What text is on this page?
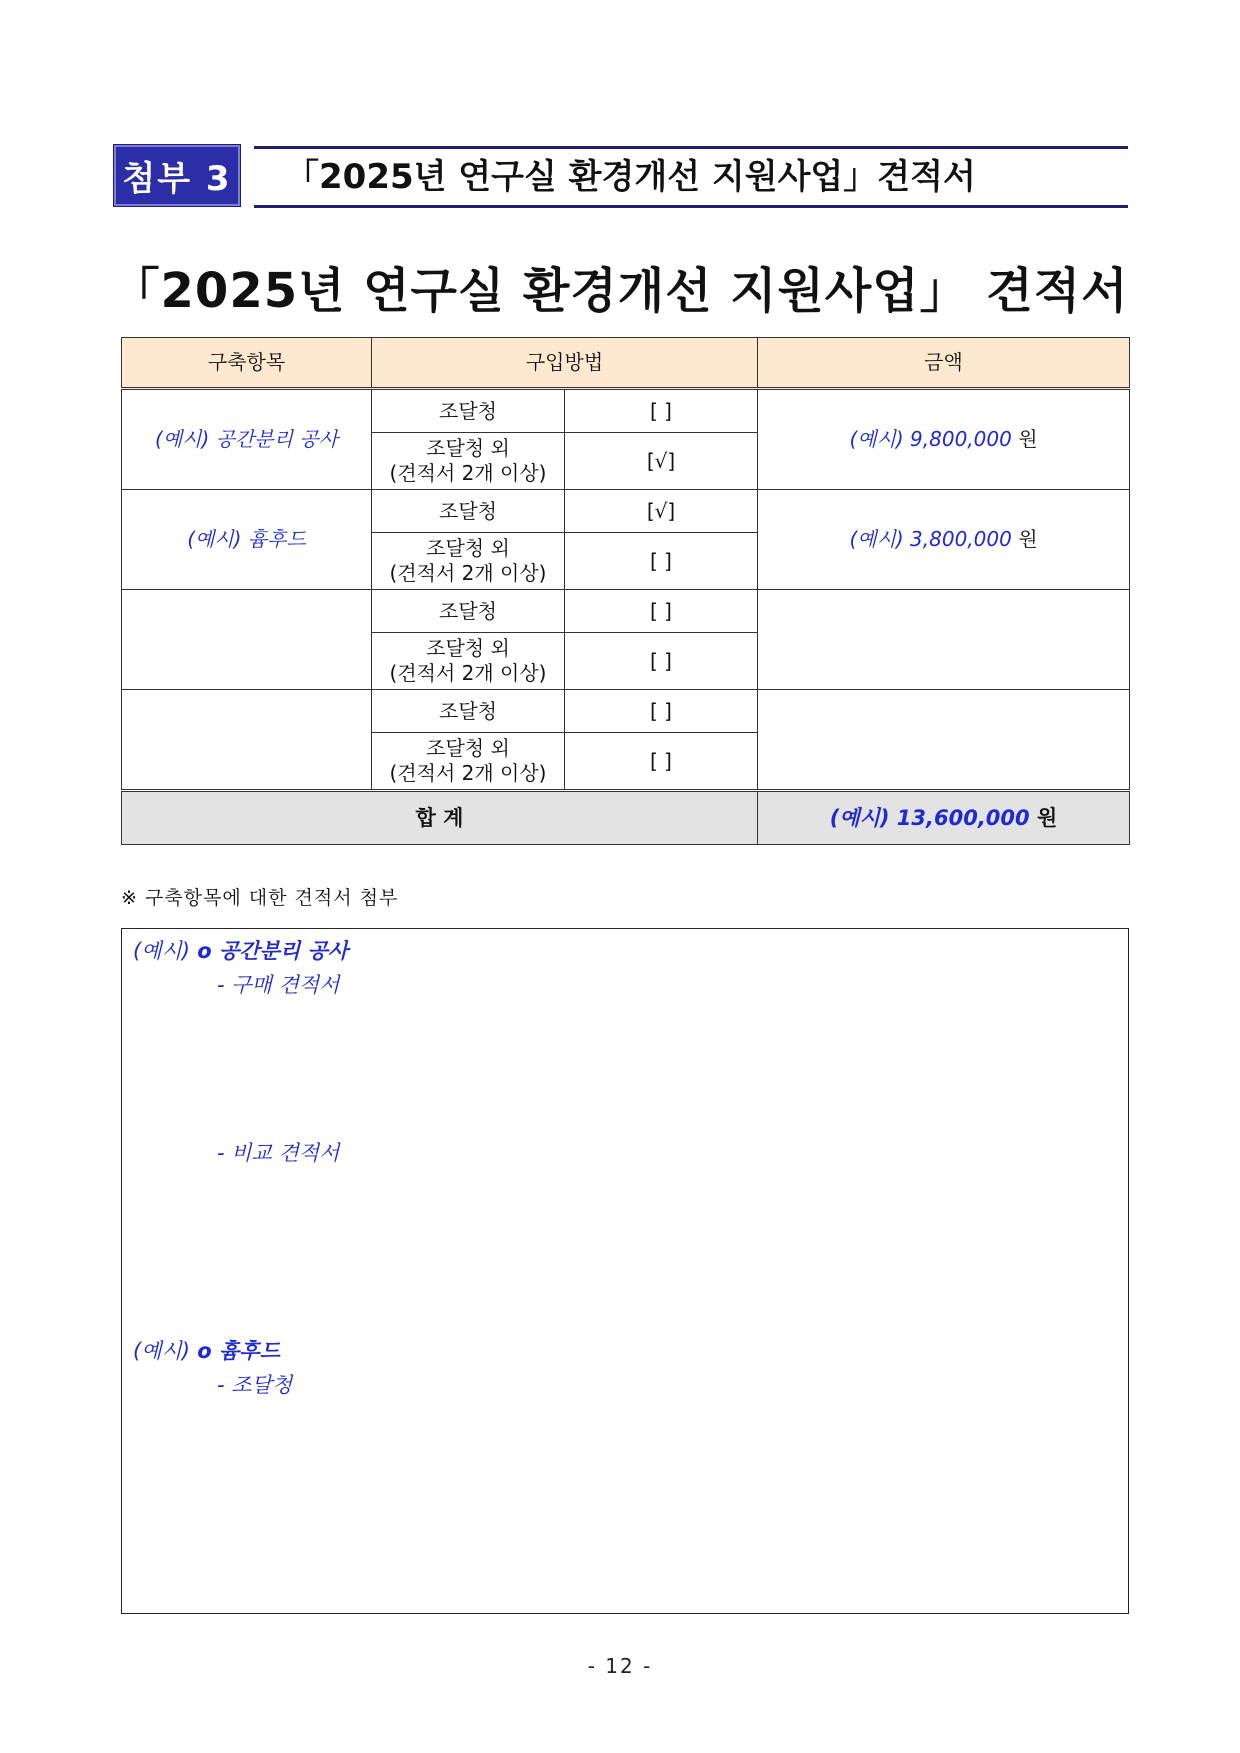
첨부 3 「2025년 연구실 환경개선 지원사업」견적서
「2025년 연구실 환경개선 지원사업」 견적서
구축항목	구입방법		금액
(예시) 공간분리 공사	조달청	[ ]	(예시) 9,800,000 원

	조달청 외
(견적서 2개 이상)	[√]	
(예시) 흄후드	조달청	[√]	(예시) 3,800,000 원

	조달청 외
(견적서 2개 이상)	[ ]	
	조달청	[ ]	

	조달청 외
(견적서 2개 이상)	[ ]	
	조달청	[ ]	

	조달청 외
(견적서 2개 이상)	[ ]	
합 계			(예시) 13,600,000 원
※ 구축항목에 대한 견적서 첨부
(예시) o 공간분리 공사
- 구매 견적서
- 비교 견적서
(예시) o 흄후드
- 조달청
- 12 -
